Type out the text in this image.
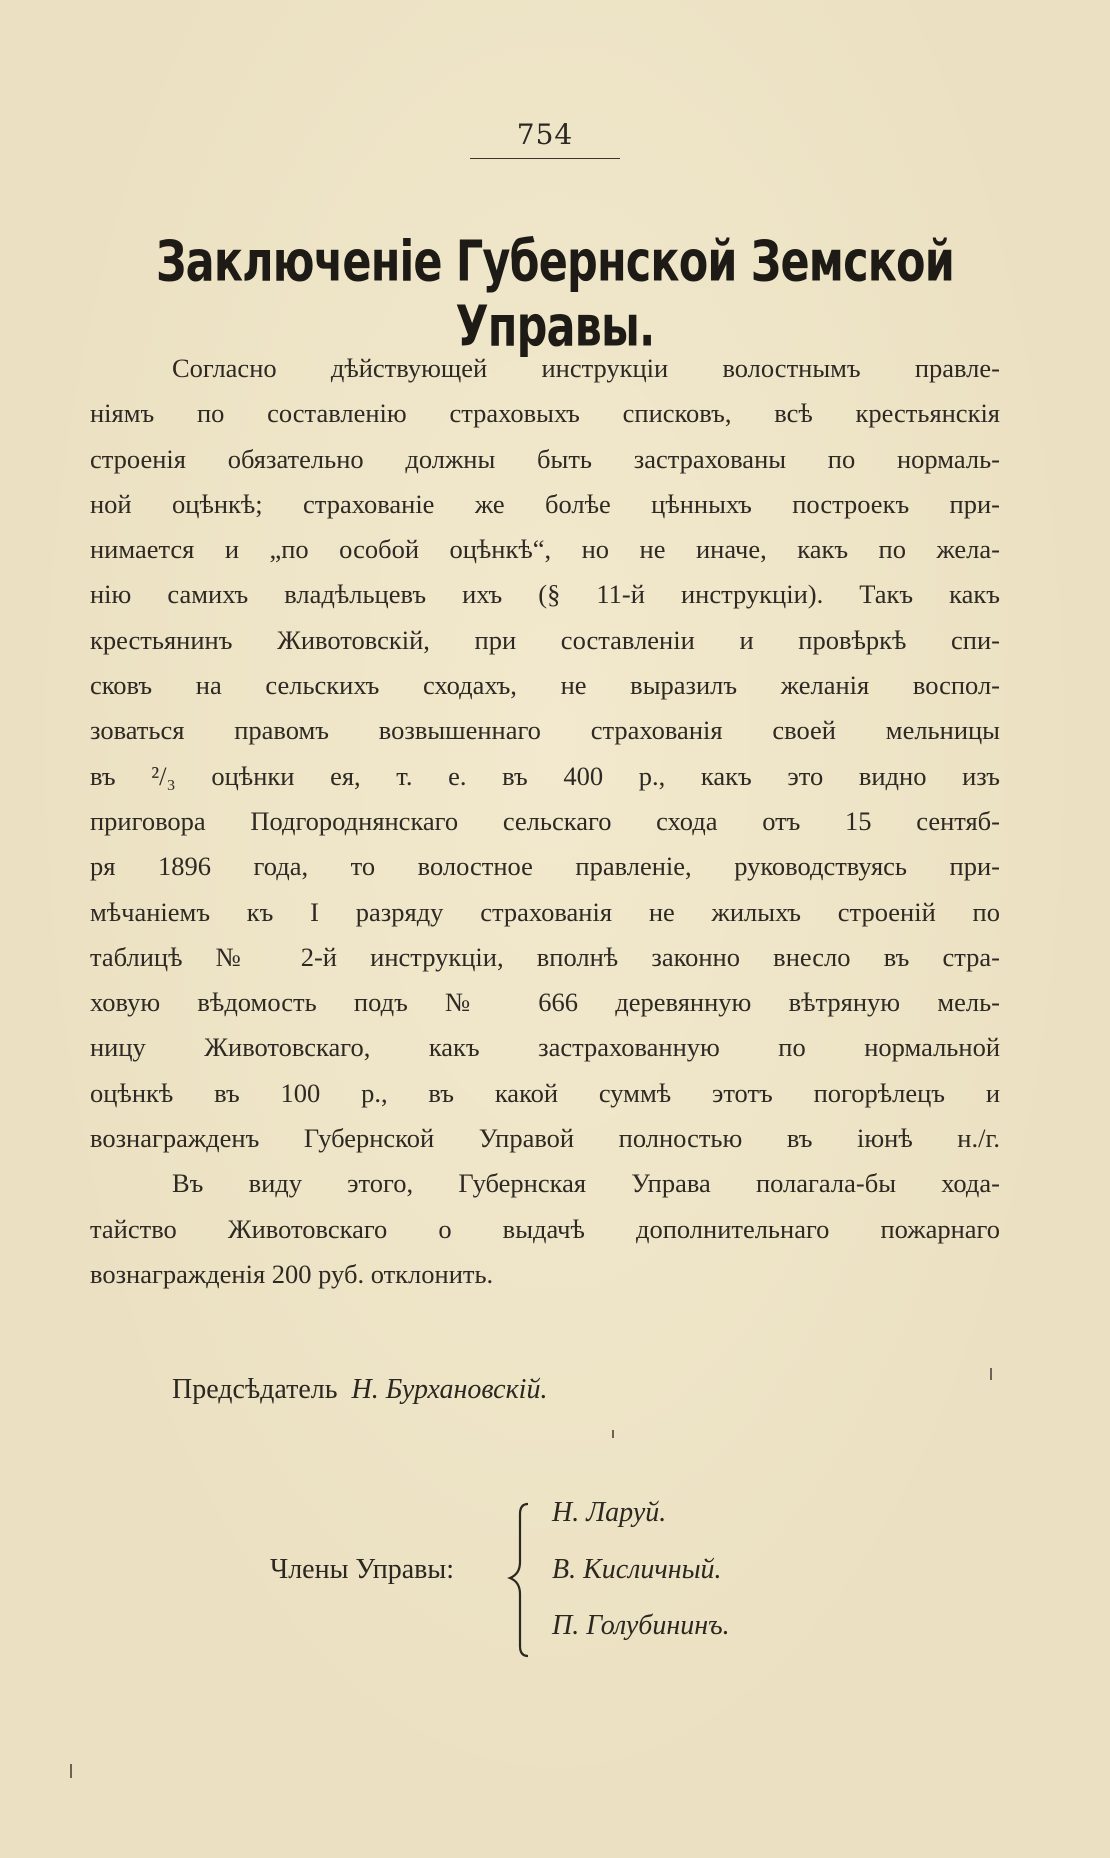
754
Заключенiе Губернской Земской Управы.
Согласно дѣйствующей инструкцiи волостнымъ правле-
нiямъ по составленiю страховыхъ списковъ, всѣ крестьянскiя
строенiя обязательно должны быть застрахованы по нормаль-
ной оцѣнкѣ; страхованiе же болѣе цѣнныхъ построекъ при-
нимается и „по особой оцѣнкѣ“, но не иначе, какъ по жела-
нiю самихъ владѣльцевъ ихъ (§ 11-й инструкцiи). Такъ какъ
крестьянинъ Животовскiй, при составленiи и провѣркѣ спи-
сковъ на сельскихъ сходахъ, не выразилъ желанiя воспол-
зоваться правомъ возвышеннаго страхованiя своей мельницы
въ ²/₃ оцѣнки ея, т. е. въ 400 р., какъ это видно изъ
приговора Подгороднянскаго сельскаго схода отъ 15 сентяб-
ря 1896 года, то волостное правленiе, руководствуясь при-
мѣчанiемъ къ I разряду страхованiя не жилыхъ строенiй по
таблицѣ № 2-й инструкцiи, вполнѣ законно внесло въ стра-
ховую вѣдомость подъ № 666 деревянную вѣтряную мель-
ницу Животовскаго, какъ застрахованную по нормальной
оцѣнкѣ въ 100 р., въ какой суммѣ этотъ погорѣлецъ и
вознагражденъ Губернской Управой полностью въ iюнѣ н./г.
Въ виду этого, Губернская Управа полагала-бы хода-
тайство Животовскаго о выдачѣ дополнительнаго пожарнаго
вознагражденiя 200 руб. отклонить.
Предсѣдатель Н. Бурхановскiй.
Члены Управы:
Н. Ларуй.
В. Кисличный.
П. Голубининъ.
